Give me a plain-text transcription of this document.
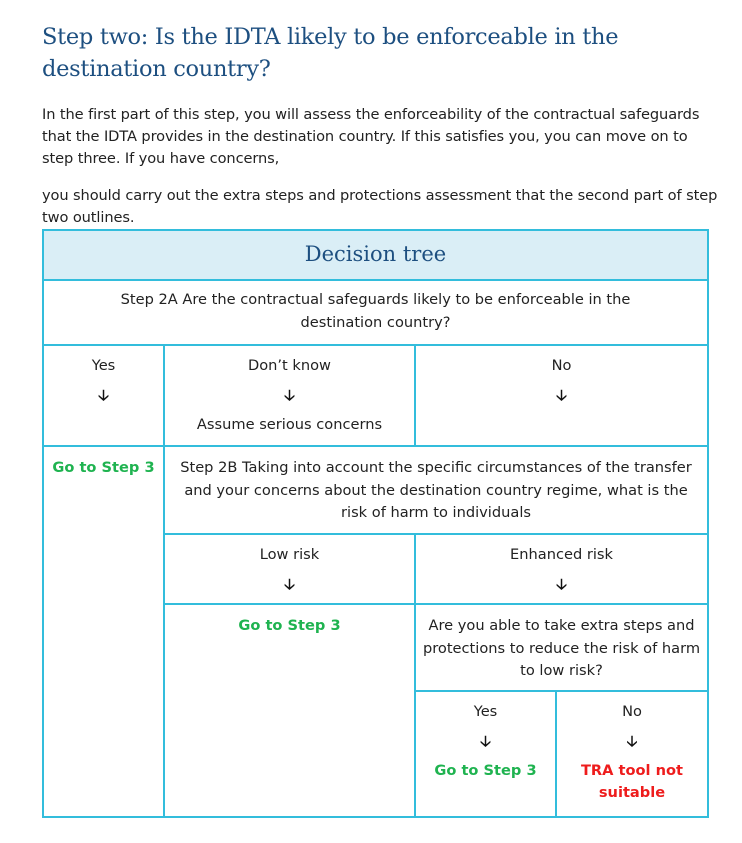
Step two: Is the IDTA likely to be enforceable in the destination country?

In the first part of this step, you will assess the enforceability of the contractual safeguards that the IDTA provides in the destination country. If this satisfies you, you can move on to step three. If you have concerns,

you should carry out the extra steps and protections assessment that the second part of step two outlines.

Decision tree
Step 2A Are the contractual safeguards likely to be enforceable in the destination country?
Yes
🡣
Don’t know
🡣
Assume serious concerns
No
🡣
Go to Step 3	Step 2B Taking into account the specific circumstances of the transfer and your concerns about the destination country regime, what is the risk of harm to individuals
Low risk
🡣
Enhanced risk
🡣
Go to Step 3	Are you able to take extra steps and protections to reduce the risk of harm to low risk?
Yes
🡣
Go to Step 3
No
🡣
TRA tool not suitable
